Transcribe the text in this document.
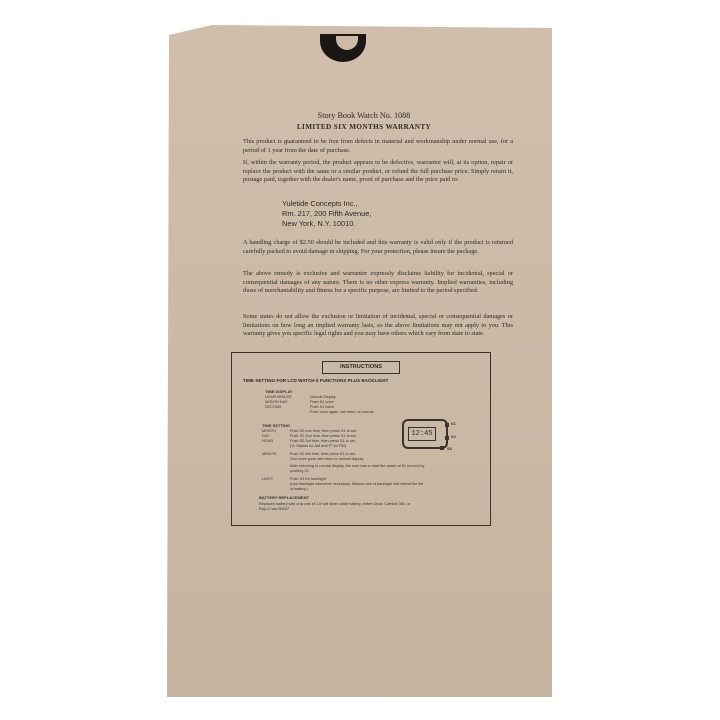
Story Book Watch No. 1088
LIMITED SIX MONTHS WARRANTY
This product is guaranteed to be free from defects in material and workmanship under normal use, for a period of 1 year from the date of purchase.
If, within the warranty period, the product appears to be defective, warrantor will, at its option, repair or replace the product with the same or a similar product, or refund the full purchase price. Simply return it, postage paid, together with the dealer's name, proof of purchase and the price paid to:
Yuletide Concepts Inc.,
Rm. 217, 200 Fifth Avenue,
New York, N.Y. 10010.
A handling charge of $2.50 should be included and this warranty is valid only if the product is returned carefully packed to avoid damage in shipping. For your protection, please insure the package.
The above remedy is exclusive and warrantor expressly disclaims liability for incidental, special or consequential damages of any nature. There is no other express warranty. Implied warranties, including those of merchantability and fitness for a specific purpose, are limited to the period specified.
Some states do not allow the exclusion or limitation of incidental, special or consequential damages or limitations on how long an implied warranty lasts, so the above limitations may not apply to you. This warranty gives you specific legal rights and you may have others which vary from state to state.
INSTRUCTIONS
TIME SETTING FOR LCD WATCH 5 FUNCTIONS PLUS BACKLIGHT
TIME DISPLAY
HOUR MINUTE	Normal Display
MONTH DAY	Push S1 once
SECOND	Push S1 twice
Push once again, will return to normal
TIME SETTING
MONTH	Push S2 one time, then press S1 to set.
DAY	Push S2 2nd time, then press S1 to set.
HOUR	Push S2 3rd time, then press S1 to set.
('A' Stands for AM and 'P' for PM)
MINUTE	Push S2 4th time, then press S1 to set.
One more push will return to normal display.
After returning to normal display, the user has to start the watch at 01 second by
pushing S1.
LIGHT	Push S3 for backlight.
(Use backlight whenever necessary. Seldom use of backlight will extend the life
of battery.)
BATTERY REPLACEMENT
Replaces battery with only one of 1.5 volt silver oxide battery, either Union Carbide 392, or
Ray-O-Vac RW47
12:45
S1
S2
S3
